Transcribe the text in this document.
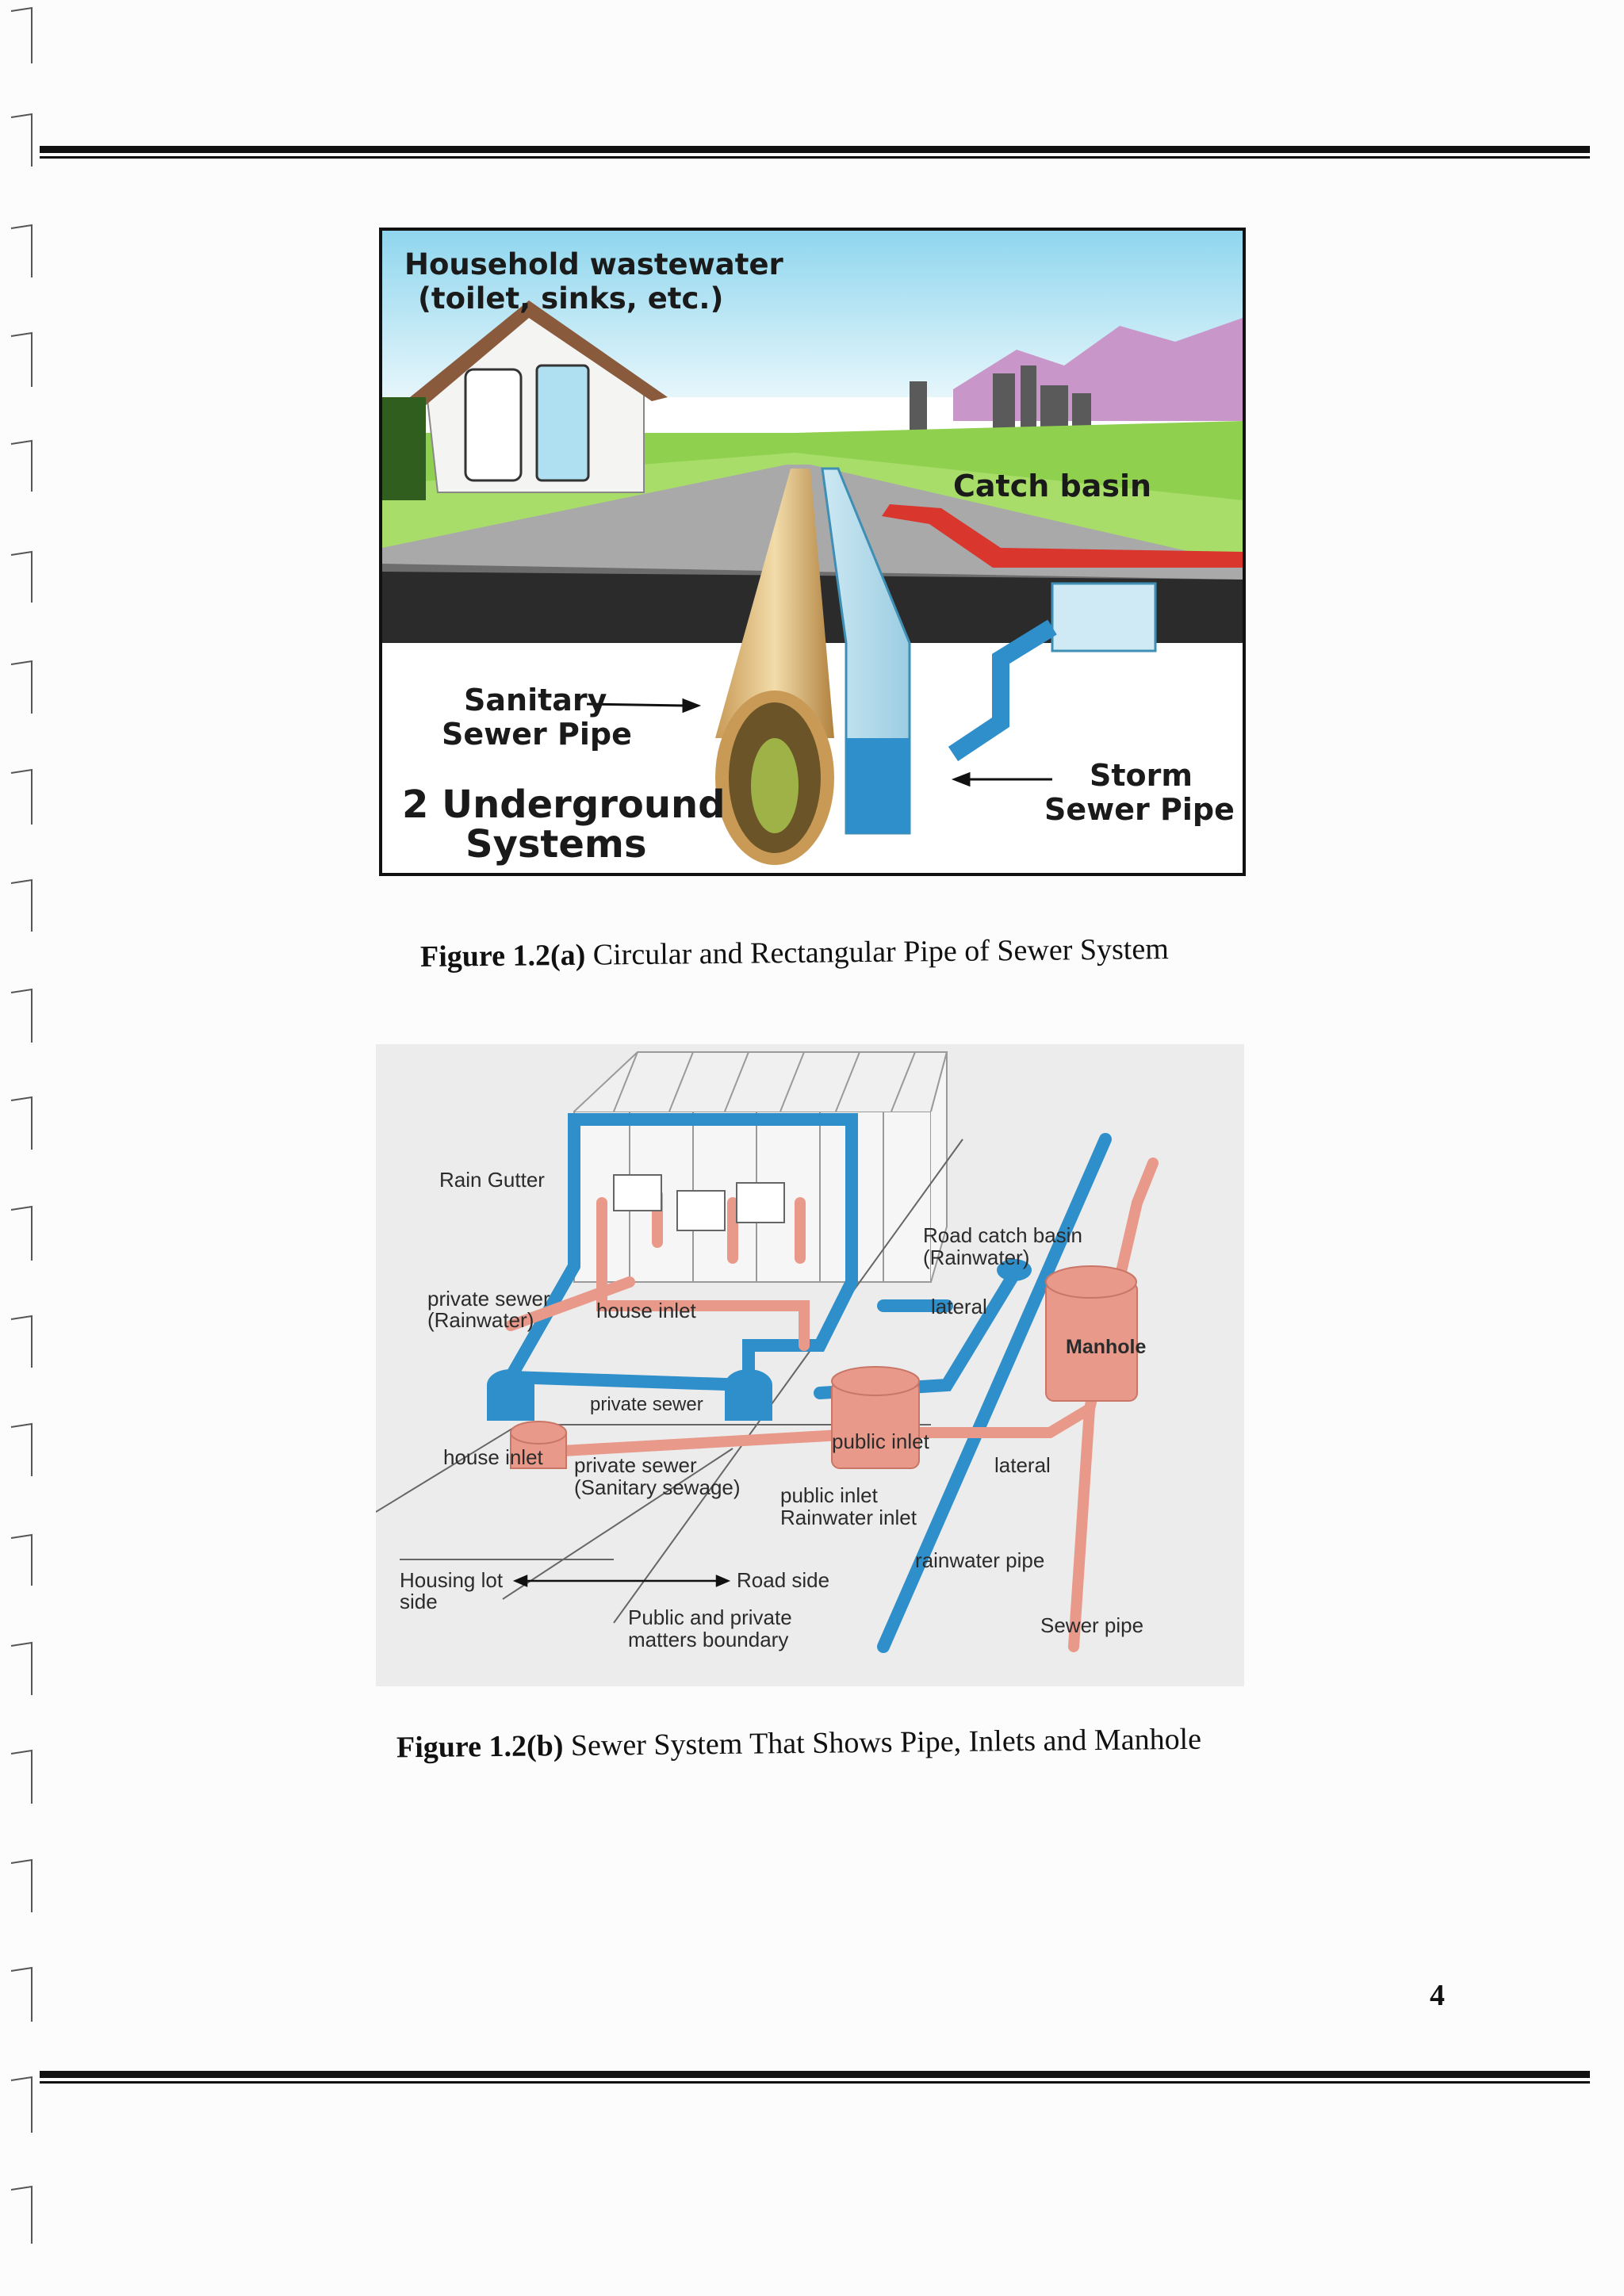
Household wastewater
(toilet, sinks, etc.)
Catch basin
Sanitary
Sewer Pipe
2 Underground
Systems
Storm
Sewer Pipe
Figure 1.2(a) Circular and Rectangular Pipe of Sewer System
Rain Gutter
private sewer
(Rainwater)	house inlet
private sewer
house inlet private sewer
(Sanitary sewage)
Road catch basin
(Rainwater)
lateral
Manhole
public inlet
lateral
public inlet
Rainwater inlet
rainwater pipe
Housing lot
side
Road side
Public and private
matters boundary
Sewer pipe
Figure 1.2(b) Sewer System That Shows Pipe, Inlets and Manhole
4
